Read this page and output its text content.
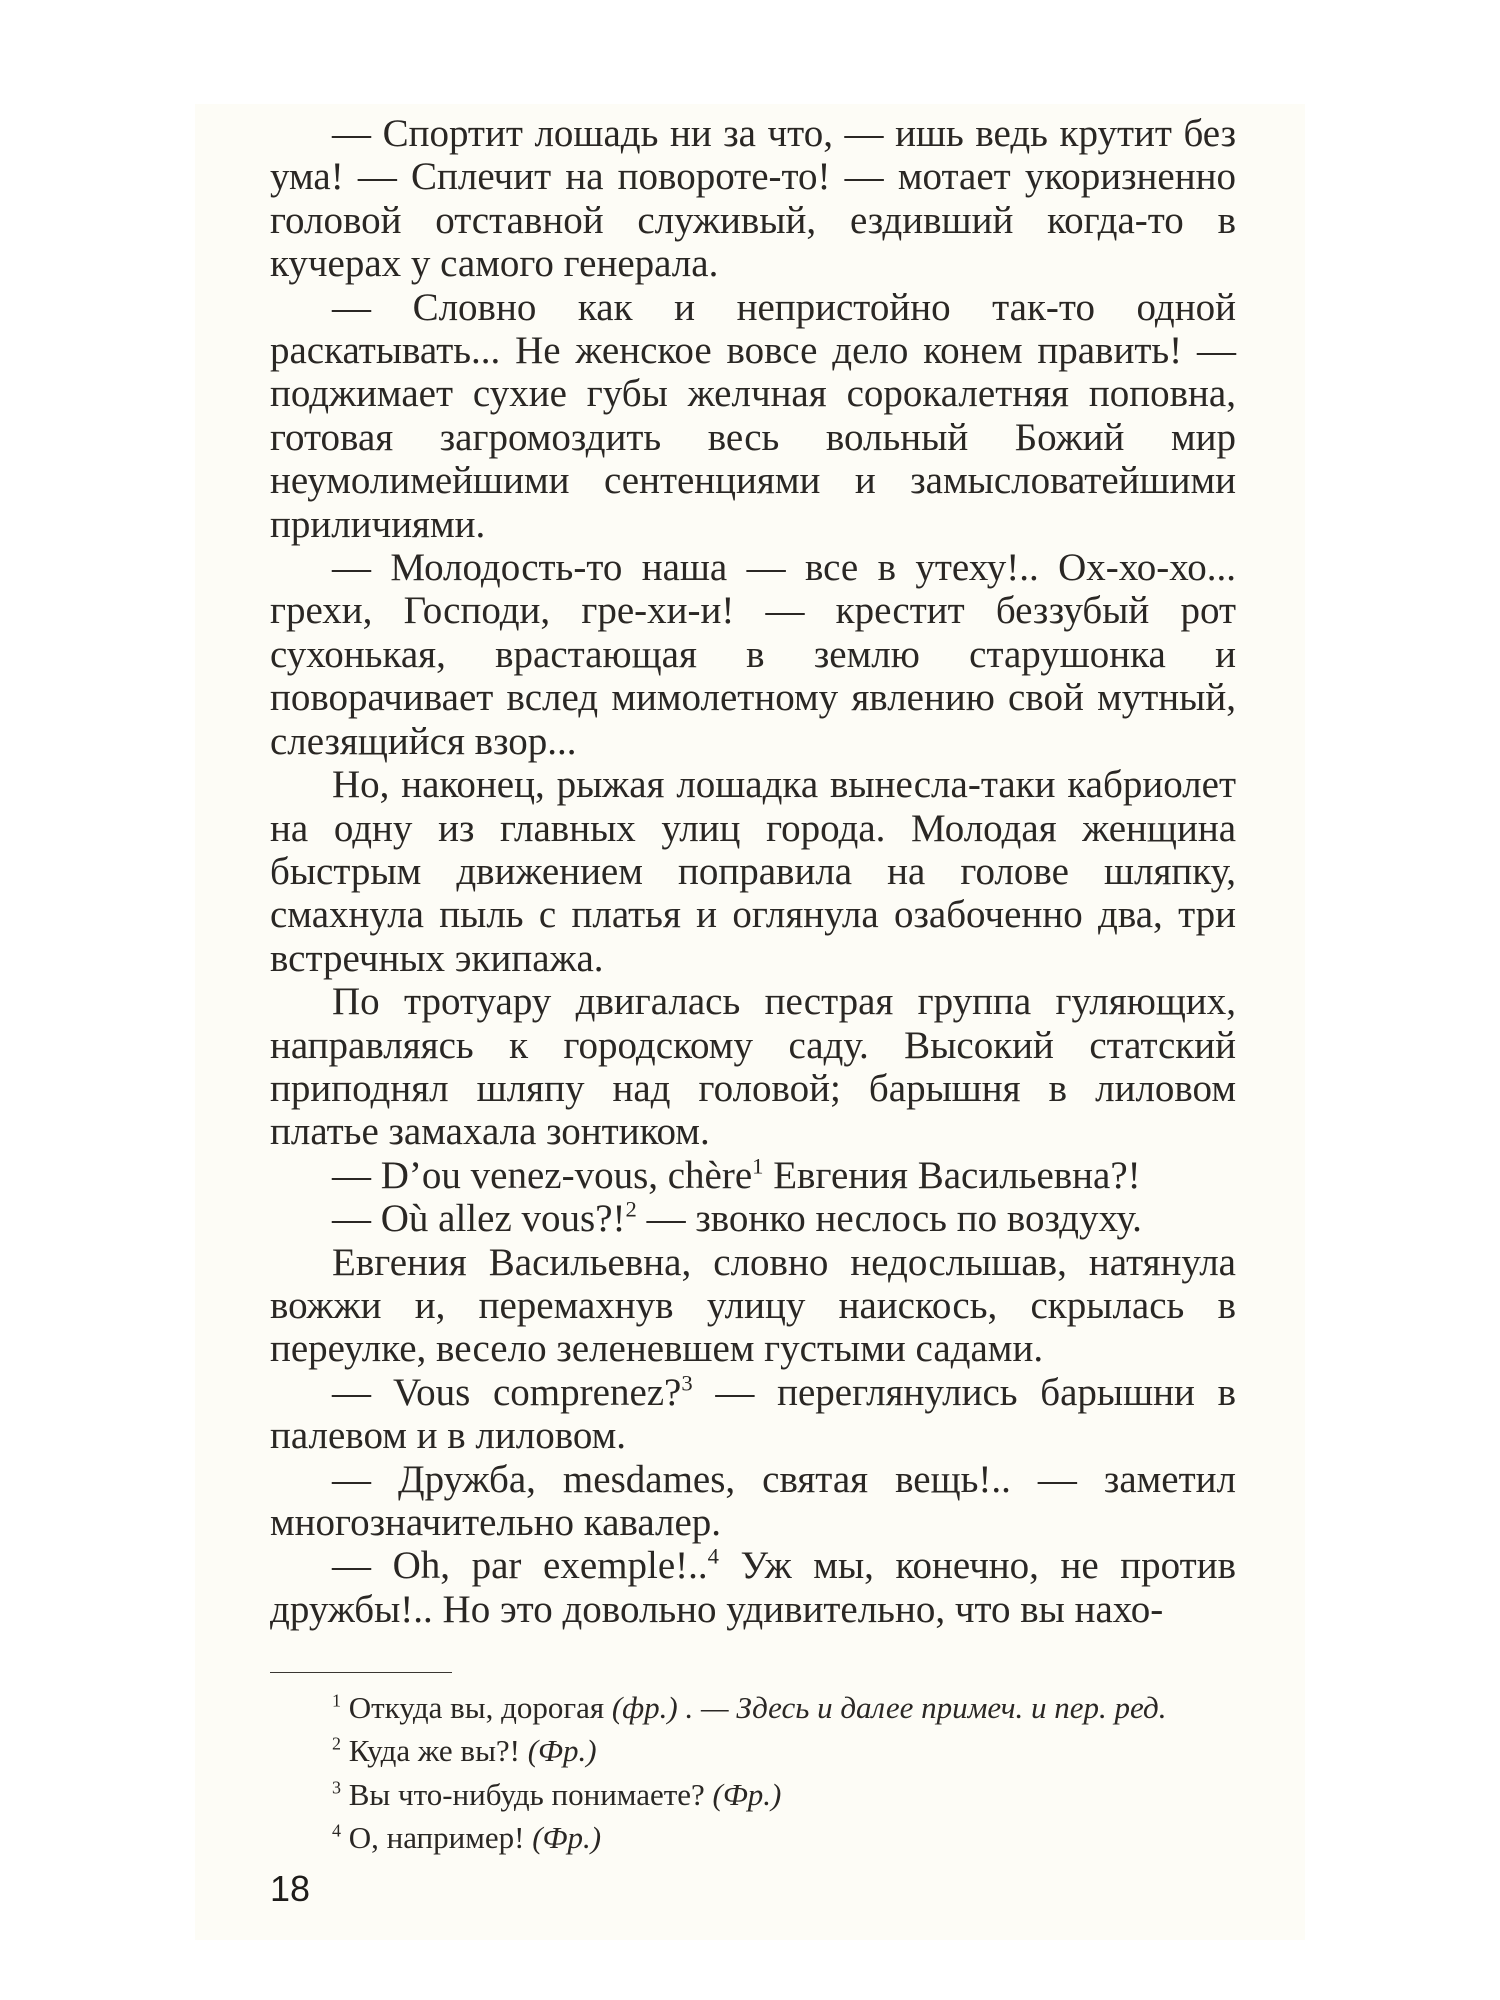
— Спортит лошадь ни за что, — ишь ведь крутит без ума! — Сплечит на повороте-то! — мотает укоризненно головой отставной служивый, ездивший когда-то в кучерах у самого генерала.

— Словно как и непристойно так-то одной раскатывать... Не женское вовсе дело конем править! — поджимает сухие губы желчная сорокалетняя поповна, готовая загромоздить весь вольный Божий мир неумолимейшими сентенциями и замысловатейшими приличиями.

— Молодость-то наша — все в утеху!.. Ох-хо-хо... грехи, Господи, гре-хи-и! — крестит беззубый рот сухонькая, врастающая в землю старушонка и поворачивает вслед мимолетному явлению свой мутный, слезящийся взор...

Но, наконец, рыжая лошадка вынесла-таки кабриолет на одну из главных улиц города. Молодая женщина быстрым движением поправила на голове шляпку, смахнула пыль с платья и оглянула озабоченно два, три встречных экипажа.

По тротуару двигалась пестрая группа гуляющих, направляясь к городскому саду. Высокий статский приподнял шляпу над головой; барышня в лиловом платье замахала зонтиком.

— D’ou venez-vous, chère$^1$ Евгения Васильевна?!

— Où allez vous?!$^2$ — звонко неслось по воздуху.

Евгения Васильевна, словно недослышав, натянула вожжи и, перемахнув улицу наискось, скрылась в переулке, весело зеленевшем густыми садами.

— Vous comprenez?$^3$ — переглянулись барышни в палевом и в лиловом.

— Дружба, mesdames, святая вещь!.. — заметил многозначительно кавалер.

— Oh, par exemple!..$^4$ Уж мы, конечно, не против дружбы!.. Но это довольно удивительно, что вы нахо-

$^1$ Откуда вы, дорогая (фр.) . — Здесь и далее примеч. и пер. ред.

$^2$ Куда же вы?! (Фр.)

$^3$ Вы что-нибудь понимаете? (Фр.)

$^4$ О, например! (Фр.)

18
